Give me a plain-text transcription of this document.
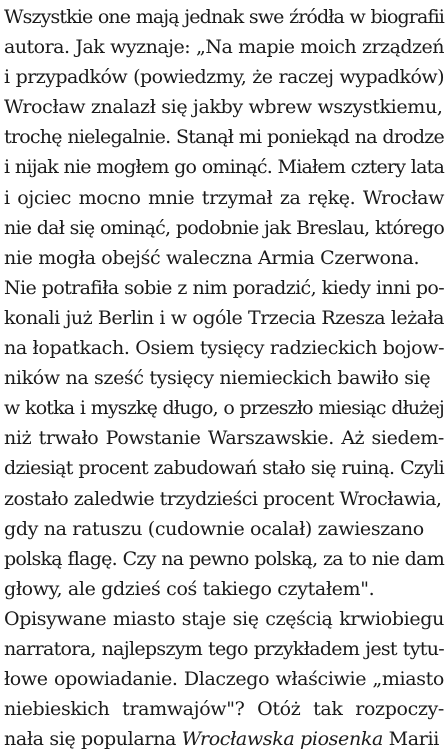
Wszystkie one mają jednak swe źródła w biografii
autora. Jak wyznaje: „Na mapie moich zrządzeń
i przypadków (powiedzmy, że raczej wypadków)
Wrocław znalazł się jakby wbrew wszystkiemu,
trochę nielegalnie. Stanął mi poniekąd na drodze
i nijak nie mogłem go ominąć. Miałem cztery lata
i ojciec mocno mnie trzymał za rękę. Wrocław
nie dał się ominąć, podobnie jak Breslau, którego
nie mogła obejść waleczna Armia Czerwona.
Nie potrafiła sobie z nim poradzić, kiedy inni po-
konali już Berlin i w ogóle Trzecia Rzesza leżała
na łopatkach. Osiem tysięcy radzieckich bojow-
ników na sześć tysięcy niemieckich bawiło się
w kotka i myszkę długo, o przeszło miesiąc dłużej
niż trwało Powstanie Warszawskie. Aż siedem-
dziesiąt procent zabudowań stało się ruiną. Czyli
zostało zaledwie trzydzieści procent Wrocławia,
gdy na ratuszu (cudownie ocalał) zawieszano
polską flagę. Czy na pewno polską, za to nie dam
głowy, ale gdzieś coś takiego czytałem".
Opisywane miasto staje się częścią krwiobiegu
narratora, najlepszym tego przykładem jest tytu-
łowe opowiadanie. Dlaczego właściwie „miasto
niebieskich tramwajów"? Otóż tak rozpoczy-
nała się popularna Wrocławska piosenka Marii
